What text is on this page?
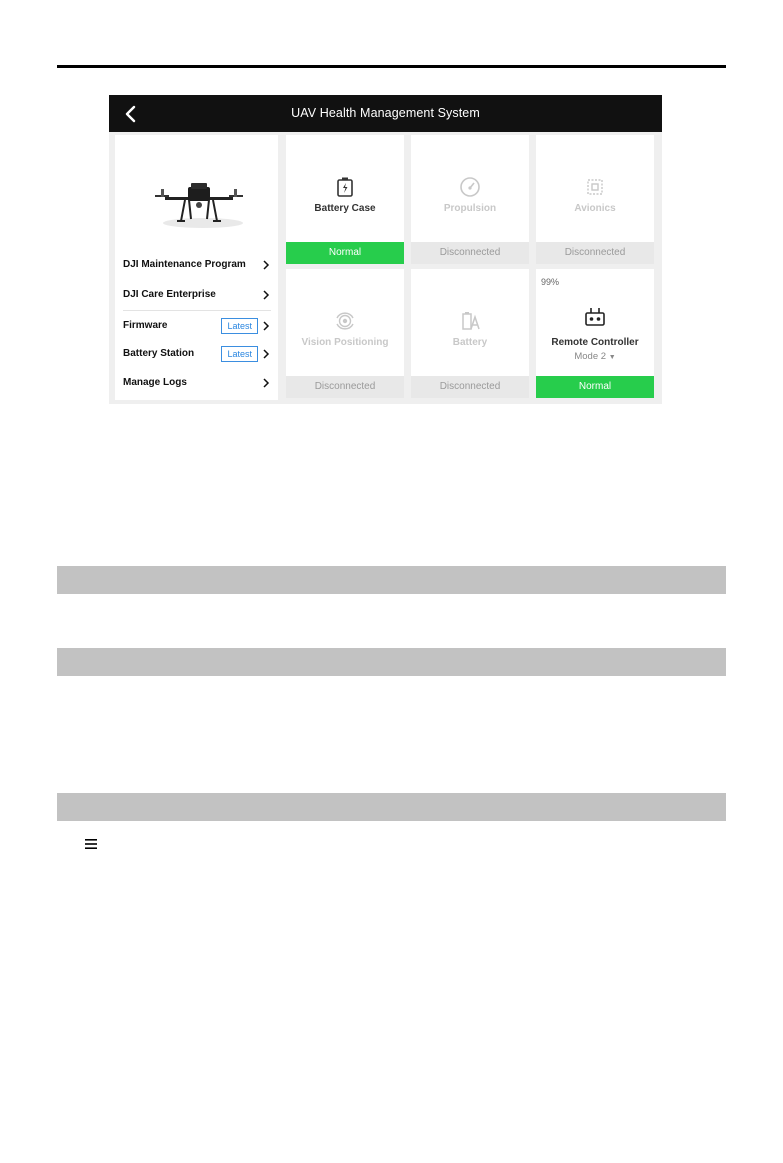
UAV Health Management System
DJI Maintenance Program
DJI Care Enterprise
Firmware	Latest
Battery Station	Latest
Manage Logs
Battery Case
Normal
Propulsion
Disconnected
Avionics
Disconnected
Vision Positioning
Disconnected
Battery
Disconnected
99%
Remote Controller
Mode 2 ▼
Normal
